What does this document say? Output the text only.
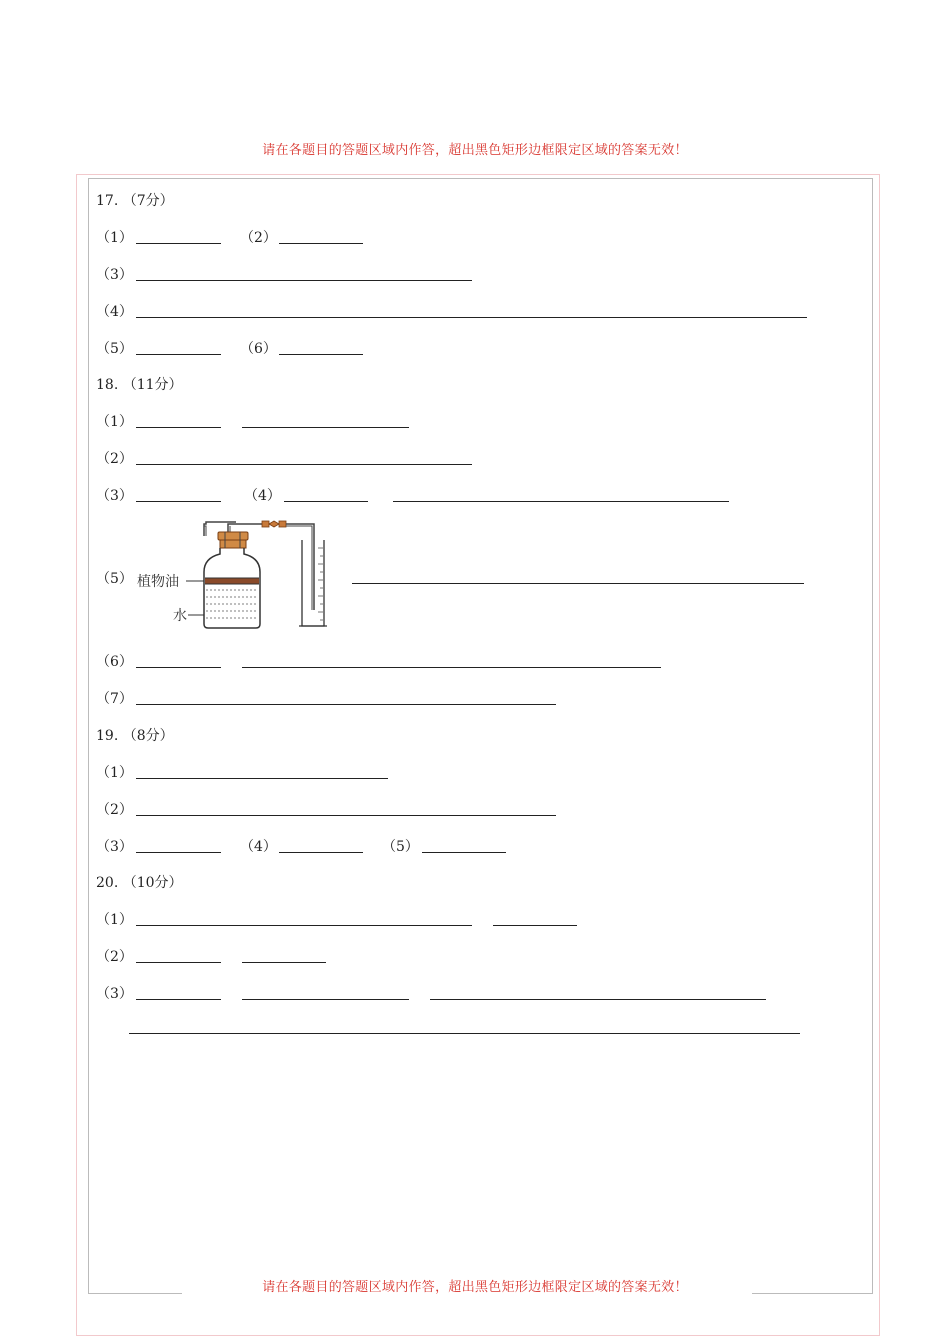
请在各题目的答题区域内作答，超出黑色矩形边框限定区域的答案无效！
17. （7分）
（1）	（2）
（3）
（4）
（5）	（6）
18. （11分）
（1）
（2）
（3）	（4）
（5） 植物油
水
（6）
（7）
19. （8分）
（1）
（2）
（3）	（4）	（5）
20. （10分）
（1）
（2）
（3）
请在各题目的答题区域内作答，超出黑色矩形边框限定区域的答案无效！
